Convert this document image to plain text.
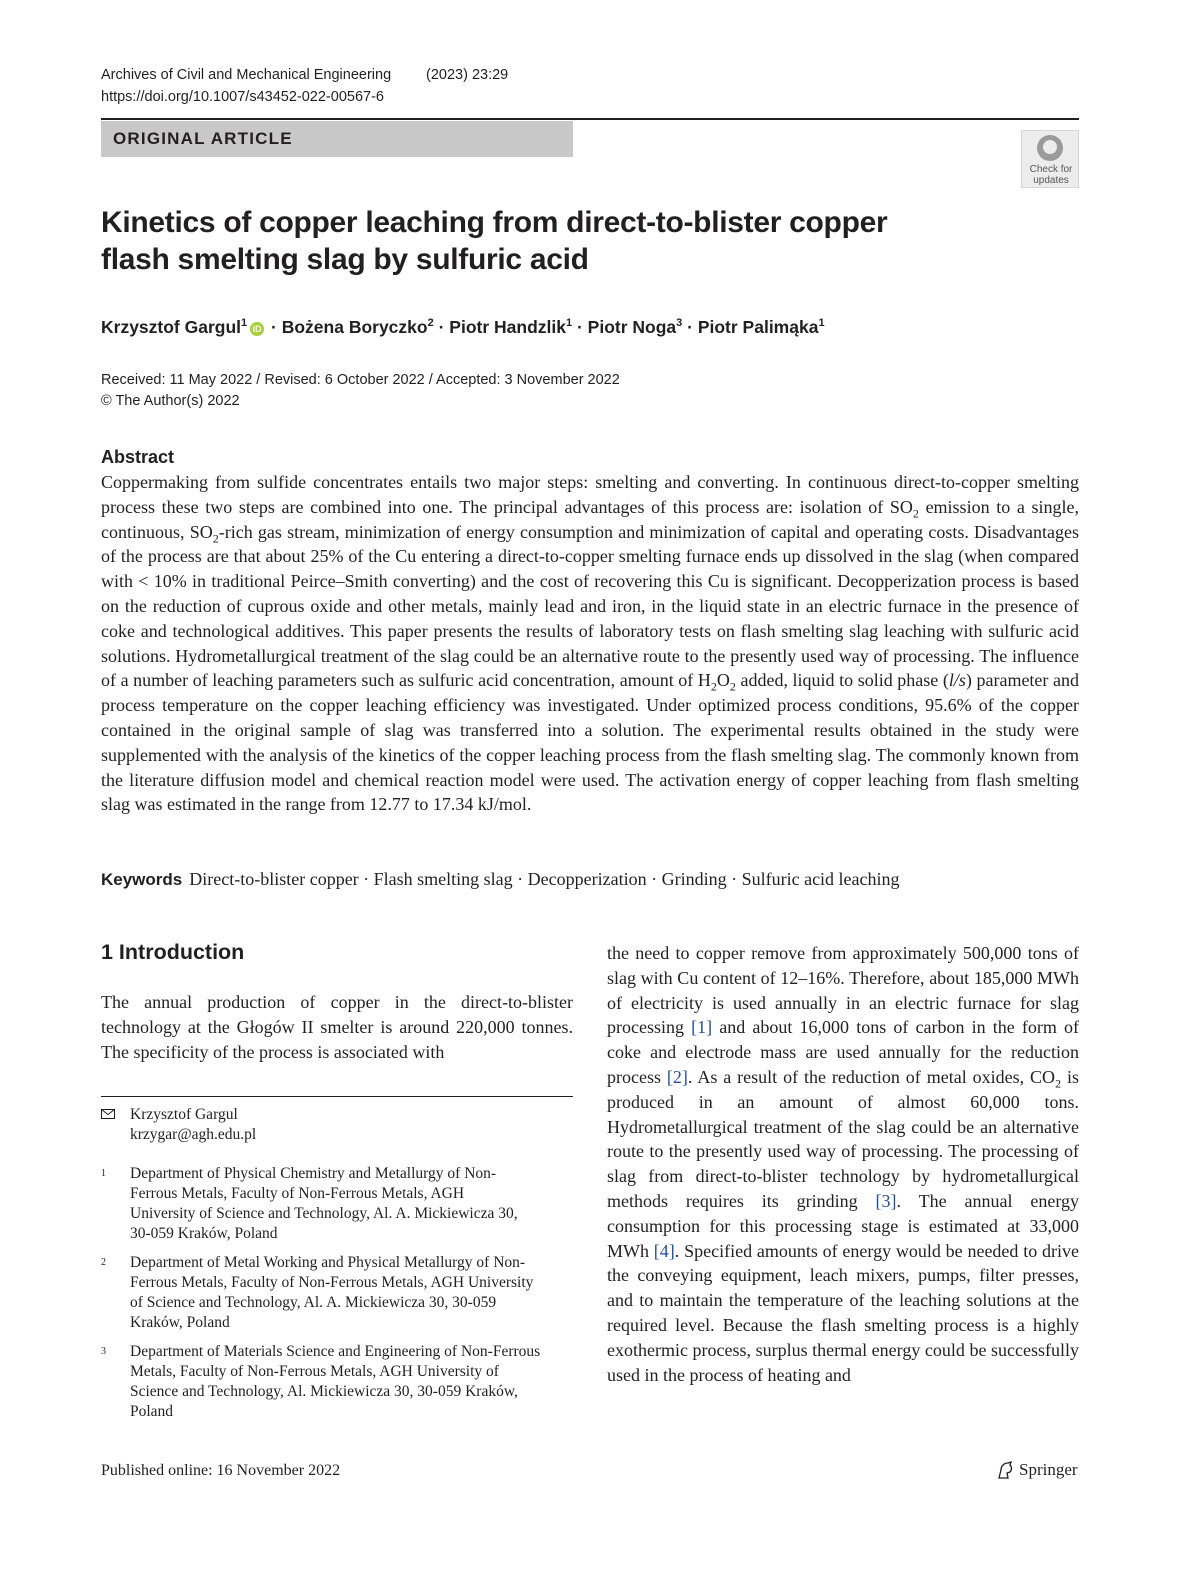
Archives of Civil and Mechanical Engineering (2023) 23:29
https://doi.org/10.1007/s43452-022-00567-6
ORIGINAL ARTICLE
Check for
updates
Kinetics of copper leaching from direct-to-blister copper flash smelting slag by sulfuric acid
Krzysztof Gargul$^1$ iD · Bożena Boryczko$^2$ · Piotr Handzlik$^1$ · Piotr Noga$^3$ · Piotr Palimąka$^1$
Received: 11 May 2022 / Revised: 6 October 2022 / Accepted: 3 November 2022
© The Author(s) 2022
Abstract

Coppermaking from sulfide concentrates entails two major steps: smelting and converting. In continuous direct-to-copper smelting process these two steps are combined into one. The principal advantages of this process are: isolation of $SO_2$ emission to a single, continuous, $SO_2$-rich gas stream, minimization of energy consumption and minimization of capital and operating costs. Disadvantages of the process are that about 25% of the Cu entering a direct-to-copper smelting furnace ends up dissolved in the slag (when compared with < 10% in traditional Peirce–Smith converting) and the cost of recovering this Cu is significant. Decopperization process is based on the reduction of cuprous oxide and other metals, mainly lead and iron, in the liquid state in an electric furnace in the presence of coke and technological additives. This paper presents the results of laboratory tests on flash smelting slag leaching with sulfuric acid solutions. Hydrometallurgical treatment of the slag could be an alternative route to the presently used way of processing. The influence of a number of leaching parameters such as sulfuric acid concentration, amount of $H_2O_2$ added, liquid to solid phase (l/s) parameter and process temperature on the copper leaching efficiency was investigated. Under optimized process conditions, 95.6% of the copper contained in the original sample of slag was transferred into a solution. The experimental results obtained in the study were supplemented with the analysis of the kinetics of the copper leaching process from the flash smelting slag. The commonly known from the literature diffusion model and chemical reaction model were used. The activation energy of copper leaching from flash smelting slag was estimated in the range from 12.77 to 17.34 kJ/mol.

Keywords Direct-to-blister copper · Flash smelting slag · Decopperization · Grinding · Sulfuric acid leaching
1 Introduction

The annual production of copper in the direct-to-blister technology at the Głogów II smelter is around 220,000 tonnes. The specificity of the process is associated with

Krzysztof Gargul
krzygar@agh.edu.pl
1 Department of Physical Chemistry and Metallurgy of Non-Ferrous Metals, Faculty of Non-Ferrous Metals, AGH University of Science and Technology, Al. A. Mickiewicza 30, 30-059 Kraków, Poland
2 Department of Metal Working and Physical Metallurgy of Non-Ferrous Metals, Faculty of Non-Ferrous Metals, AGH University of Science and Technology, Al. A. Mickiewicza 30, 30-059 Kraków, Poland
3 Department of Materials Science and Engineering of Non-Ferrous Metals, Faculty of Non-Ferrous Metals, AGH University of Science and Technology, Al. Mickiewicza 30, 30-059 Kraków, Poland

the need to copper remove from approximately 500,000 tons of slag with Cu content of 12–16%. Therefore, about 185,000 MWh of electricity is used annually in an electric furnace for slag processing [1] and about 16,000 tons of carbon in the form of coke and electrode mass are used annually for the reduction process [2]. As a result of the reduction of metal oxides, $CO_2$ is produced in an amount of almost 60,000 tons. Hydrometallurgical treatment of the slag could be an alternative route to the presently used way of processing. The processing of slag from direct-to-blister technology by hydrometallurgical methods requires its grinding [3]. The annual energy consumption for this processing stage is estimated at 33,000 MWh [4]. Specified amounts of energy would be needed to drive the conveying equipment, leach mixers, pumps, filter presses, and to maintain the temperature of the leaching solutions at the required level. Because the flash smelting process is a highly exothermic process, surplus thermal energy could be successfully used in the process of heating and

Published online: 16 November 2022	Springer
